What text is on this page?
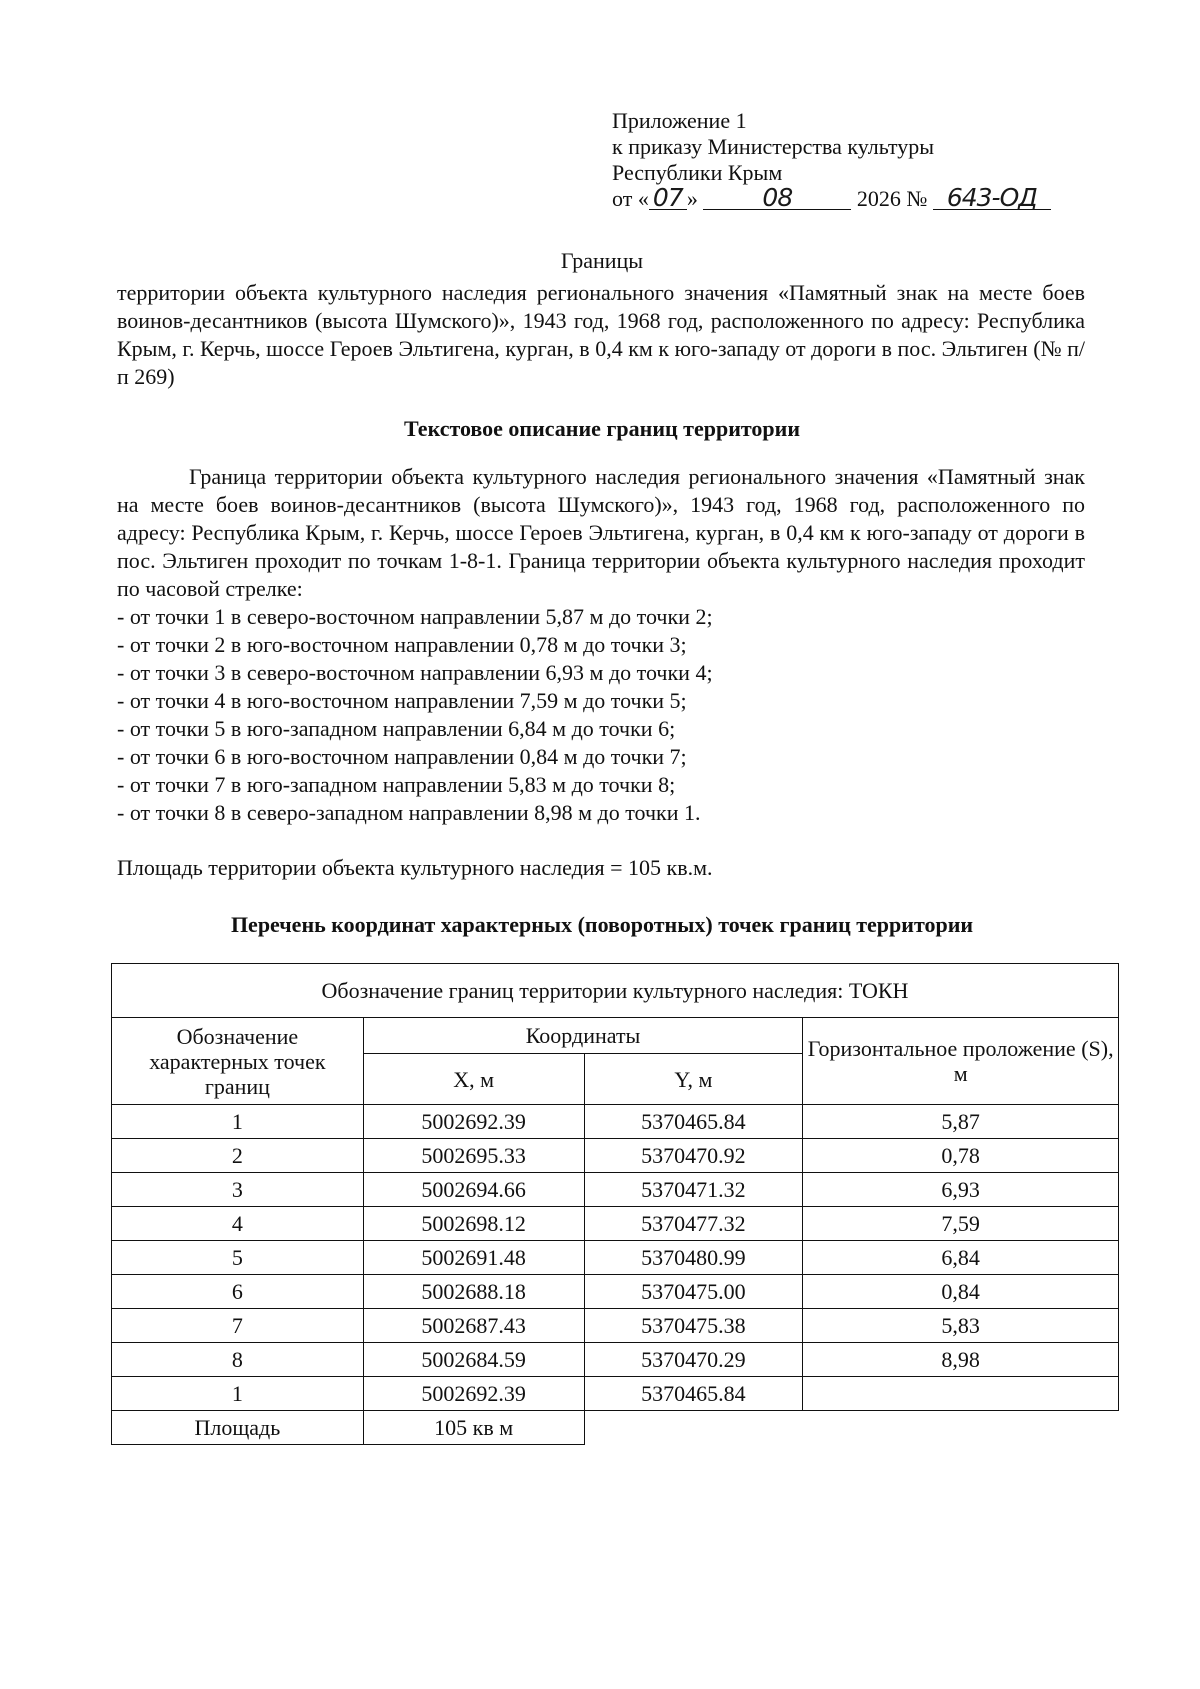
Приложение 1
к приказу Министерства культуры
Республики Крым
от « 07 »	08	2026 № 643-ОД
Границы

территории объекта культурного наследия регионального значения «Памятный знак на месте боев воинов-десантников (высота Шумского)», 1943 год, 1968 год, расположенного по адресу: Республика Крым, г. Керчь, шоссе Героев Эльтигена, курган, в 0,4 км к юго-западу от дороги в пос. Эльтиген (№ п/п 269)

Текстовое описание границ территории

Граница территории объекта культурного наследия регионального значения «Памятный знак на месте боев воинов-десантников (высота Шумского)», 1943 год, 1968 год, расположенного по адресу: Республика Крым, г. Керчь, шоссе Героев Эльтигена, курган, в 0,4 км к юго-западу от дороги в пос. Эльтиген проходит по точкам 1-8-1. Граница территории объекта культурного наследия проходит по часовой стрелке:

- от точки 1 в северо-восточном направлении 5,87 м до точки 2;

- от точки 2 в юго-восточном направлении 0,78 м до точки 3;

- от точки 3 в северо-восточном направлении 6,93 м до точки 4;

- от точки 4 в юго-восточном направлении 7,59 м до точки 5;

- от точки 5 в юго-западном направлении 6,84 м до точки 6;

- от точки 6 в юго-восточном направлении 0,84 м до точки 7;

- от точки 7 в юго-западном направлении 5,83 м до точки 8;

- от точки 8 в северо-западном направлении 8,98 м до точки 1.

Площадь территории объекта культурного наследия = 105 кв.м.
Перечень координат характерных (поворотных) точек границ территории
Обозначение границ территории культурного наследия: ТОКН			
Обозначение характерных точек границ	Координаты		Горизонтальное проложение (S), м
	X, м	Y, м	
1	5002692.39	5370465.84	5,87
2	5002695.33	5370470.92	0,78
3	5002694.66	5370471.32	6,93
4	5002698.12	5370477.32	7,59
5	5002691.48	5370480.99	6,84
6	5002688.18	5370475.00	0,84
7	5002687.43	5370475.38	5,83
8	5002684.59	5370470.29	8,98
1	5002692.39	5370465.84	
Площадь	105 кв м		
